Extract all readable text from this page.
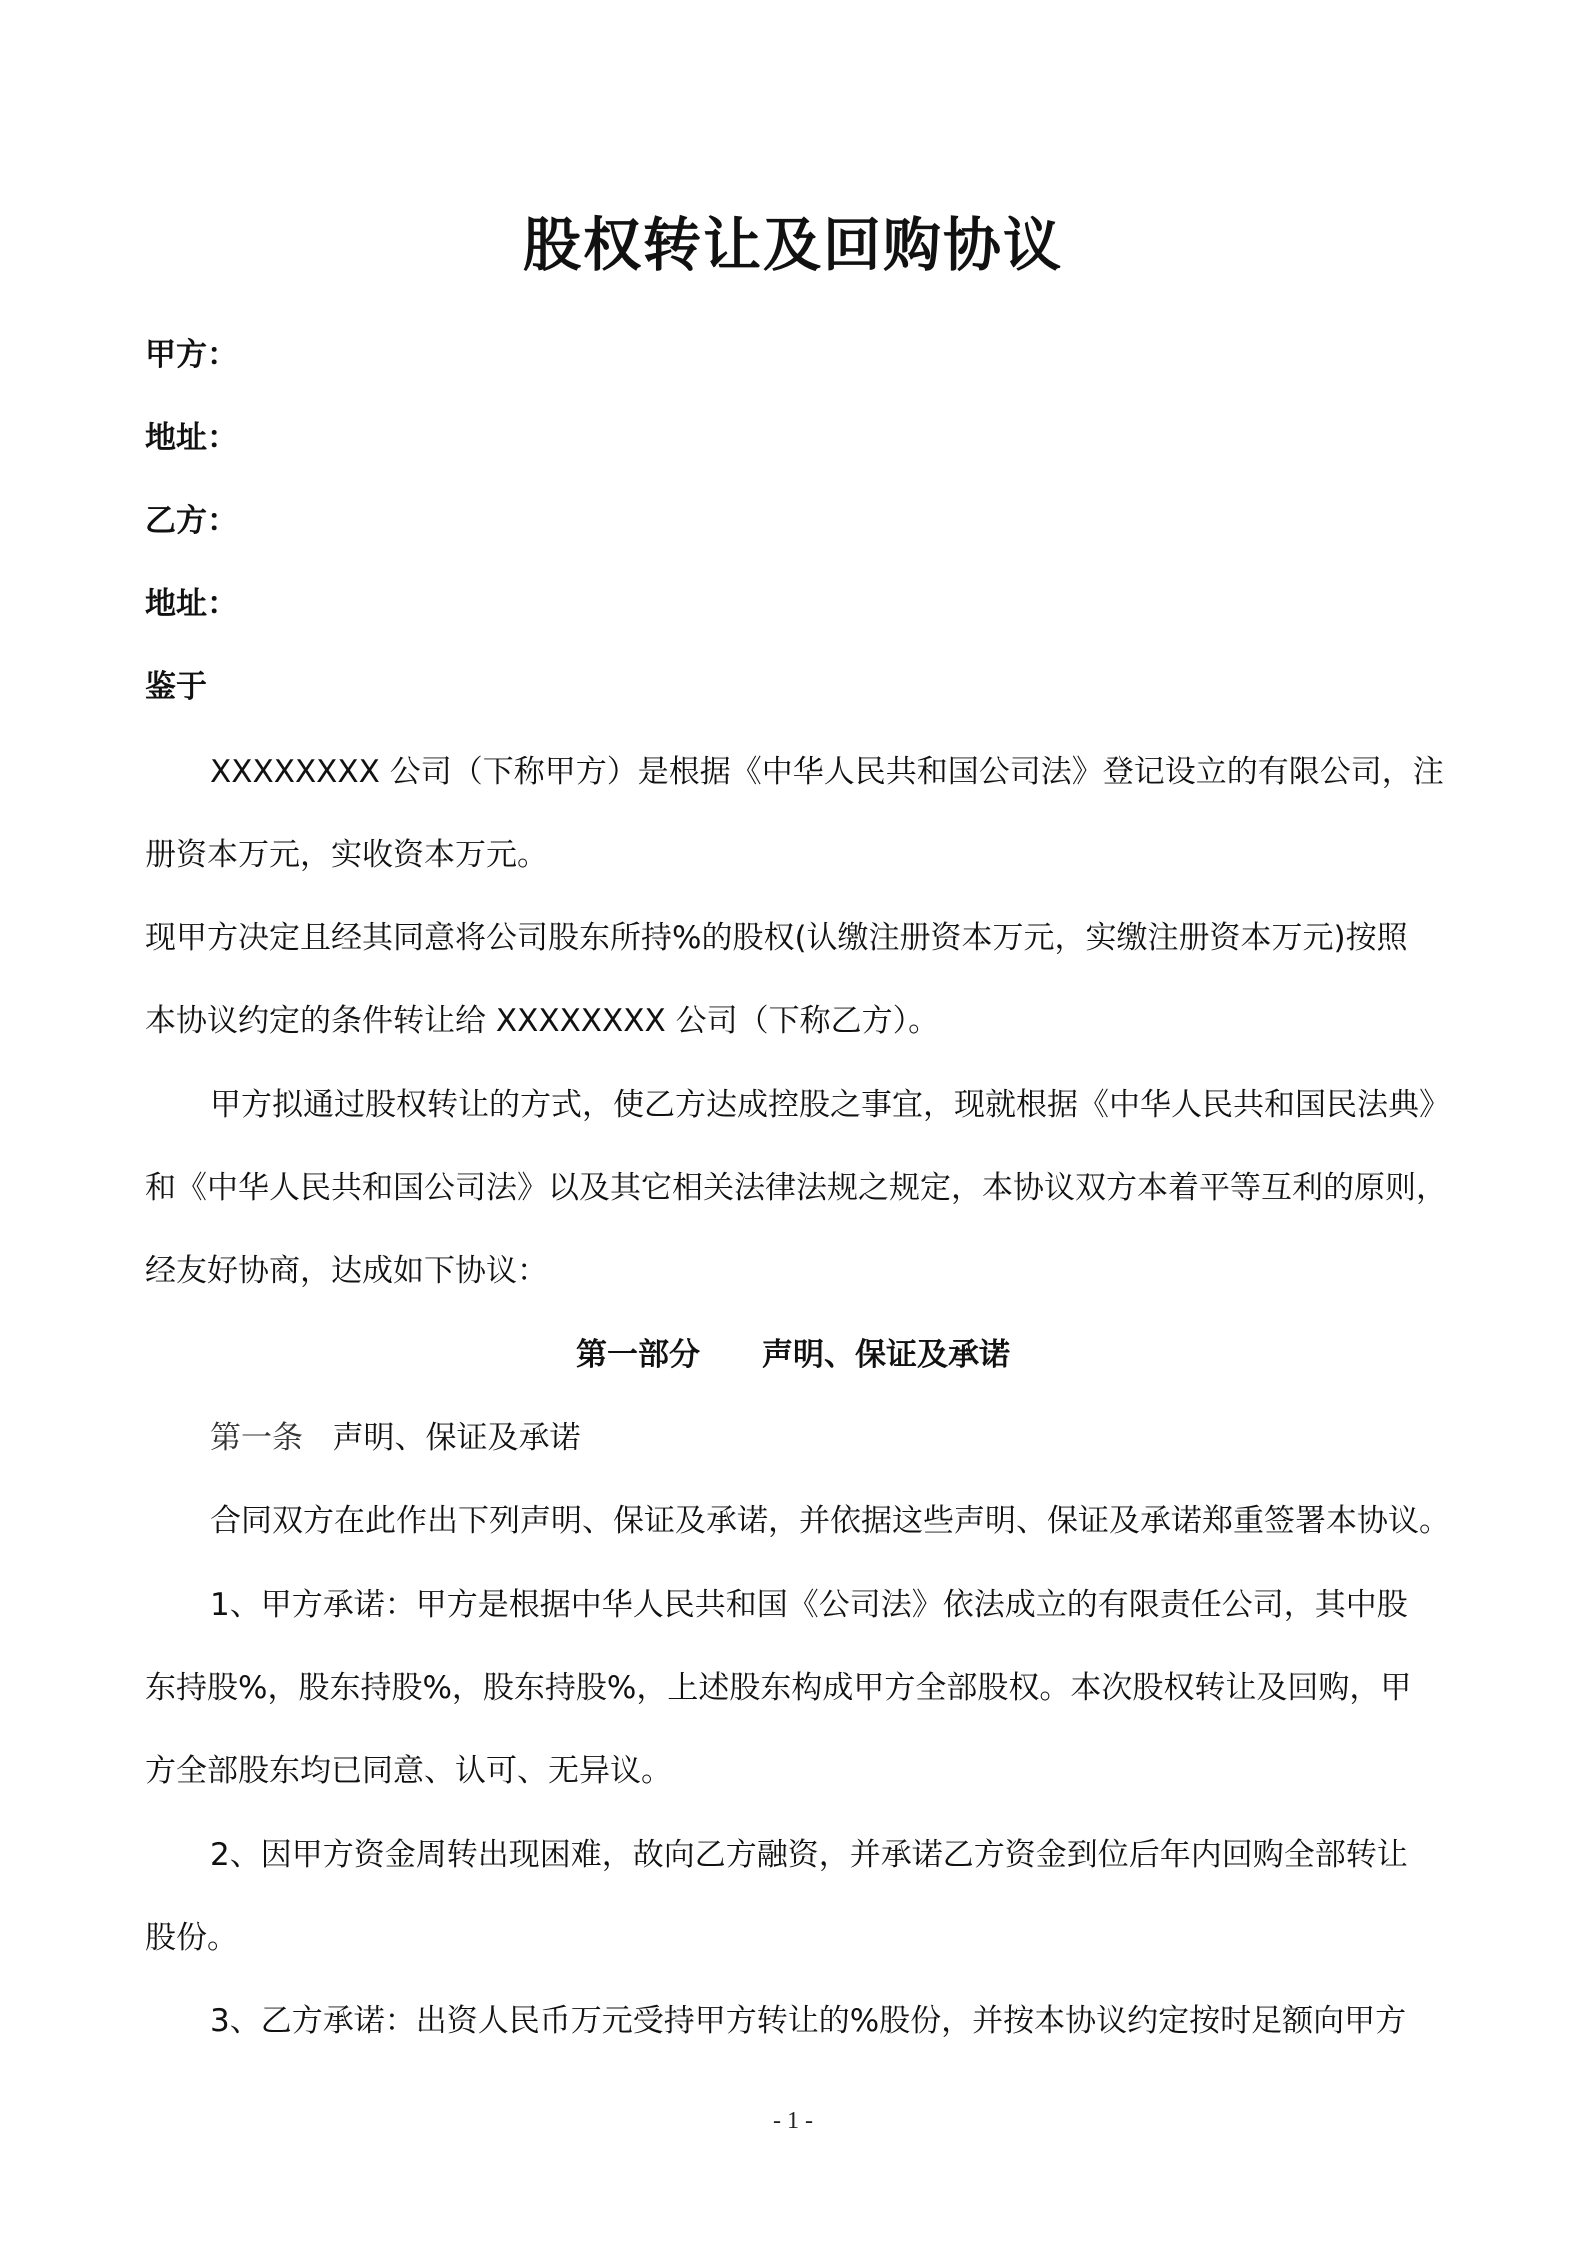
股权转让及回购协议
甲方：
地址：
乙方：
地址：
鉴于
XXXXXXXX 公司（下称甲方）是根据《中华人民共和国公司法》登记设立的有限公司，注
册资本万元，实收资本万元。
现甲方决定且经其同意将公司股东所持%的股权(认缴注册资本万元，实缴注册资本万元)按照
本协议约定的条件转让给 XXXXXXXX 公司（下称乙方）。
甲方拟通过股权转让的方式，使乙方达成控股之事宜，现就根据《中华人民共和国民法典》
和《中华人民共和国公司法》以及其它相关法律法规之规定，本协议双方本着平等互利的原则，
经友好协商，达成如下协议：
第一部分 声明、保证及承诺
第一条 声明、保证及承诺
合同双方在此作出下列声明、保证及承诺，并依据这些声明、保证及承诺郑重签署本协议。
1、甲方承诺：甲方是根据中华人民共和国《公司法》依法成立的有限责任公司，其中股
东持股%，股东持股%，股东持股%，上述股东构成甲方全部股权。本次股权转让及回购，甲
方全部股东均已同意、认可、无异议。
2、因甲方资金周转出现困难，故向乙方融资，并承诺乙方资金到位后年内回购全部转让
股份。
3、乙方承诺：出资人民币万元受持甲方转让的%股份，并按本协议约定按时足额向甲方
- 1 -
